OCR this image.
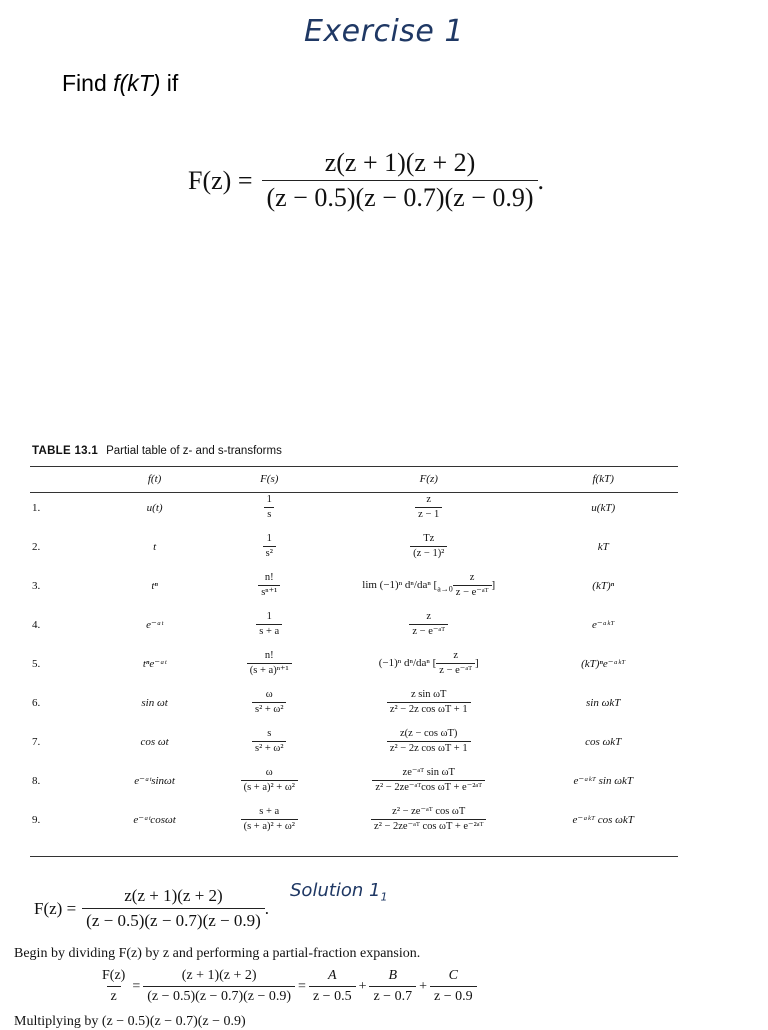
Exercise 1
Find f(kT) if
$F(z) = \frac{z(z + 1)(z + 2)}{(z - 0.5)(z - 0.7)(z - 0.9)}$ .
TABLE 13.1 Partial table of z- and s-transforms
	f(t)	F(s)	F(z)	f(kT)
1.	u(t)	$\frac{1}{s}$	$\frac{z}{z - 1}$	u(kT)
2.	t	$\frac{1}{\text{s²}}$	$\frac{Tz}{\text{(z − 1)²}}$	kT
3.	tⁿ	$\frac{n!}{\text{sⁿ⁺¹}}$	lim (−1)ⁿ dⁿ/daⁿ [$_{a\to 0} \frac{z}{\text{z − e⁻ᵃᵀ}}$ ]	(kT)ⁿ
4.	e⁻ᵃᵗ	$\frac{1}{s + a}$	$\frac{z}{\text{z − e⁻ᵃᵀ}}$	e⁻ᵃᵏᵀ
5.	tⁿe⁻ᵃᵗ	$\frac{n!}{\text{(s + a)ⁿ⁺¹}}$	(−1)ⁿ dⁿ/daⁿ [ $\frac{z}{\text{z − e⁻ᵃᵀ}}$ ]	(kT)ⁿe⁻ᵃᵏᵀ
6.	sin ωt	$\frac{\omega}{\text{s² + ω²}}$	$\frac{\text{z sin ωT}}{\text{z² − 2z cos ωT + 1}}$	sin ωkT
7.	cos ωt	$\frac{s}{\text{s² + ω²}}$	$\frac{\text{z(z − cos ωT)}}{\text{z² − 2z cos ωT + 1}}$	cos ωkT
8.	e⁻ᵃᵗsinωt	$\frac{\omega}{\text{(s + a)² + ω²}}$	$\frac{\text{ze⁻ᵃᵀ sin ωT}}{\text{z² − 2ze⁻ᵃᵀcos ωT + e⁻²ᵃᵀ}}$	e⁻ᵃᵏᵀ sin ωkT
9.	e⁻ᵃᵗcosωt	$\frac{s + a}{\text{(s + a)² + ω²}}$	$\frac{\text{z² − ze⁻ᵃᵀ cos ωT}}{\text{z² − 2ze⁻ᵃᵀ cos ωT + e⁻²ᵃᵀ}}$	e⁻ᵃᵏᵀ cos ωkT
$F(z) = \frac{z(z + 1)(z + 2)}{(z - 0.5)(z - 0.7)(z - 0.9)}$ .
Solution $1_1$
Begin by dividing F(z) by z and performing a partial-fraction expansion.
$\frac{F(z)}{z} = \frac{(z + 1)(z + 2)}{(z - 0.5)(z - 0.7)(z - 0.9)} = \frac{A}{z - 0.5} + \frac{B}{z - 0.7} + \frac{C}{z - 0.9}$
Multiplying by (z − 0.5)(z − 0.7)(z − 0.9)
